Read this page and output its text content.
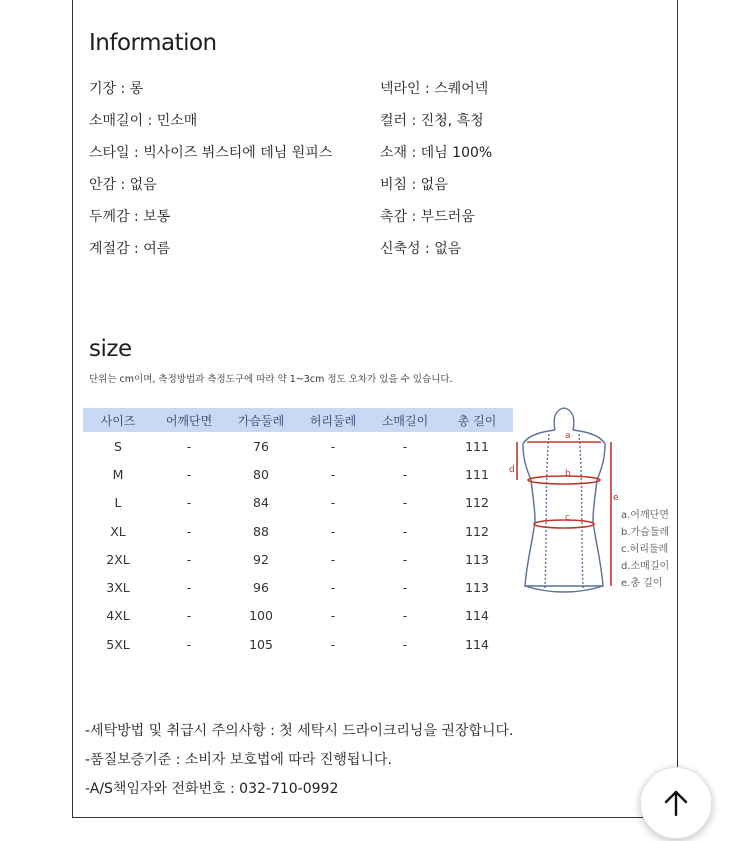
Information
기장 : 롱
소매길이 : 민소매
스타일 : 빅사이즈 뷔스티에 데님 원피스
안감 : 없음
두께감 : 보통
계절감 : 여름
넥라인 : 스퀘어넥
컬러 : 진청, 흑청
소재 : 데님 100%
비침 : 없음
촉감 : 부드러움
신축성 : 없음
size
단위는 cm이며, 측정방법과 측정도구에 따라 약 1~3cm 정도 오차가 있을 수 있습니다.
사이즈	어깨단면	가슴둘레	허리둘레	소매길이	총 길이
S	-	76	-	-	111
M	-	80	-	-	111
L	-	84	-	-	112
XL	-	88	-	-	112
2XL	-	92	-	-	113
3XL	-	96	-	-	113
4XL	-	100	-	-	114
5XL	-	105	-	-	114
a
b
c
d
e
a.어깨단면
b.가슴둘레
c.허리둘레
d.소매길이
e.총 길이
-세탁방법 및 취급시 주의사항 : 첫 세탁시 드라이크리닝을 권장합니다.
-품질보증기준 : 소비자 보호법에 따라 진행됩니다.
-A/S책임자와 전화번호 : 032-710-0992
